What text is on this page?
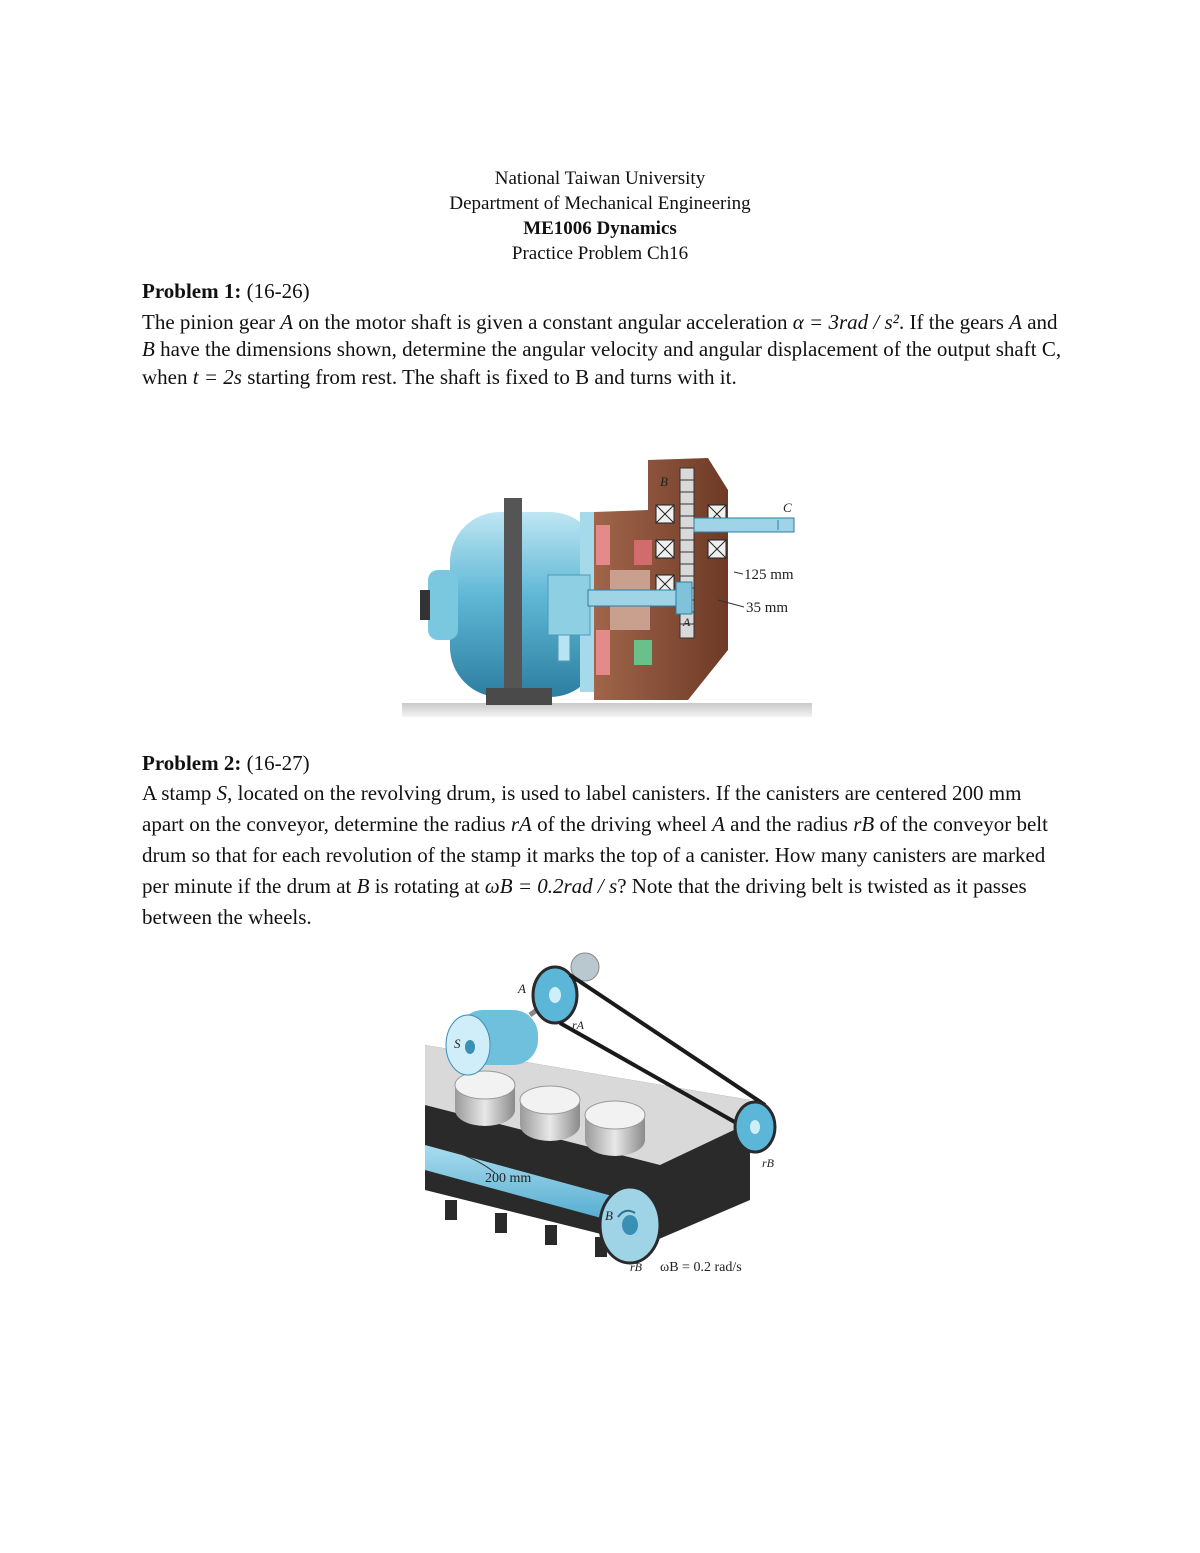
National Taiwan University
Department of Mechanical Engineering
ME1006 Dynamics
Practice Problem Ch16
Problem 1: (16-26)
The pinion gear A on the motor shaft is given a constant angular acceleration α = 3rad / s². If the gears A and B have the dimensions shown, determine the angular velocity and angular displacement of the output shaft C, when t = 2s starting from rest. The shaft is fixed to B and turns with it.
B
C
A
125 mm
35 mm
Problem 2: (16-27)
A stamp S, located on the revolving drum, is used to label canisters. If the canisters are centered 200 mm apart on the conveyor, determine the radius rA of the driving wheel A and the radius rB of the conveyor belt drum so that for each revolution of the stamp it marks the top of a canister. How many canisters are marked per minute if the drum at B is rotating at ωB = 0.2rad / s? Note that the driving belt is twisted as it passes between the wheels.
A
S
rA
rB
B
rB ωB = 0.2 rad/s
200 mm
